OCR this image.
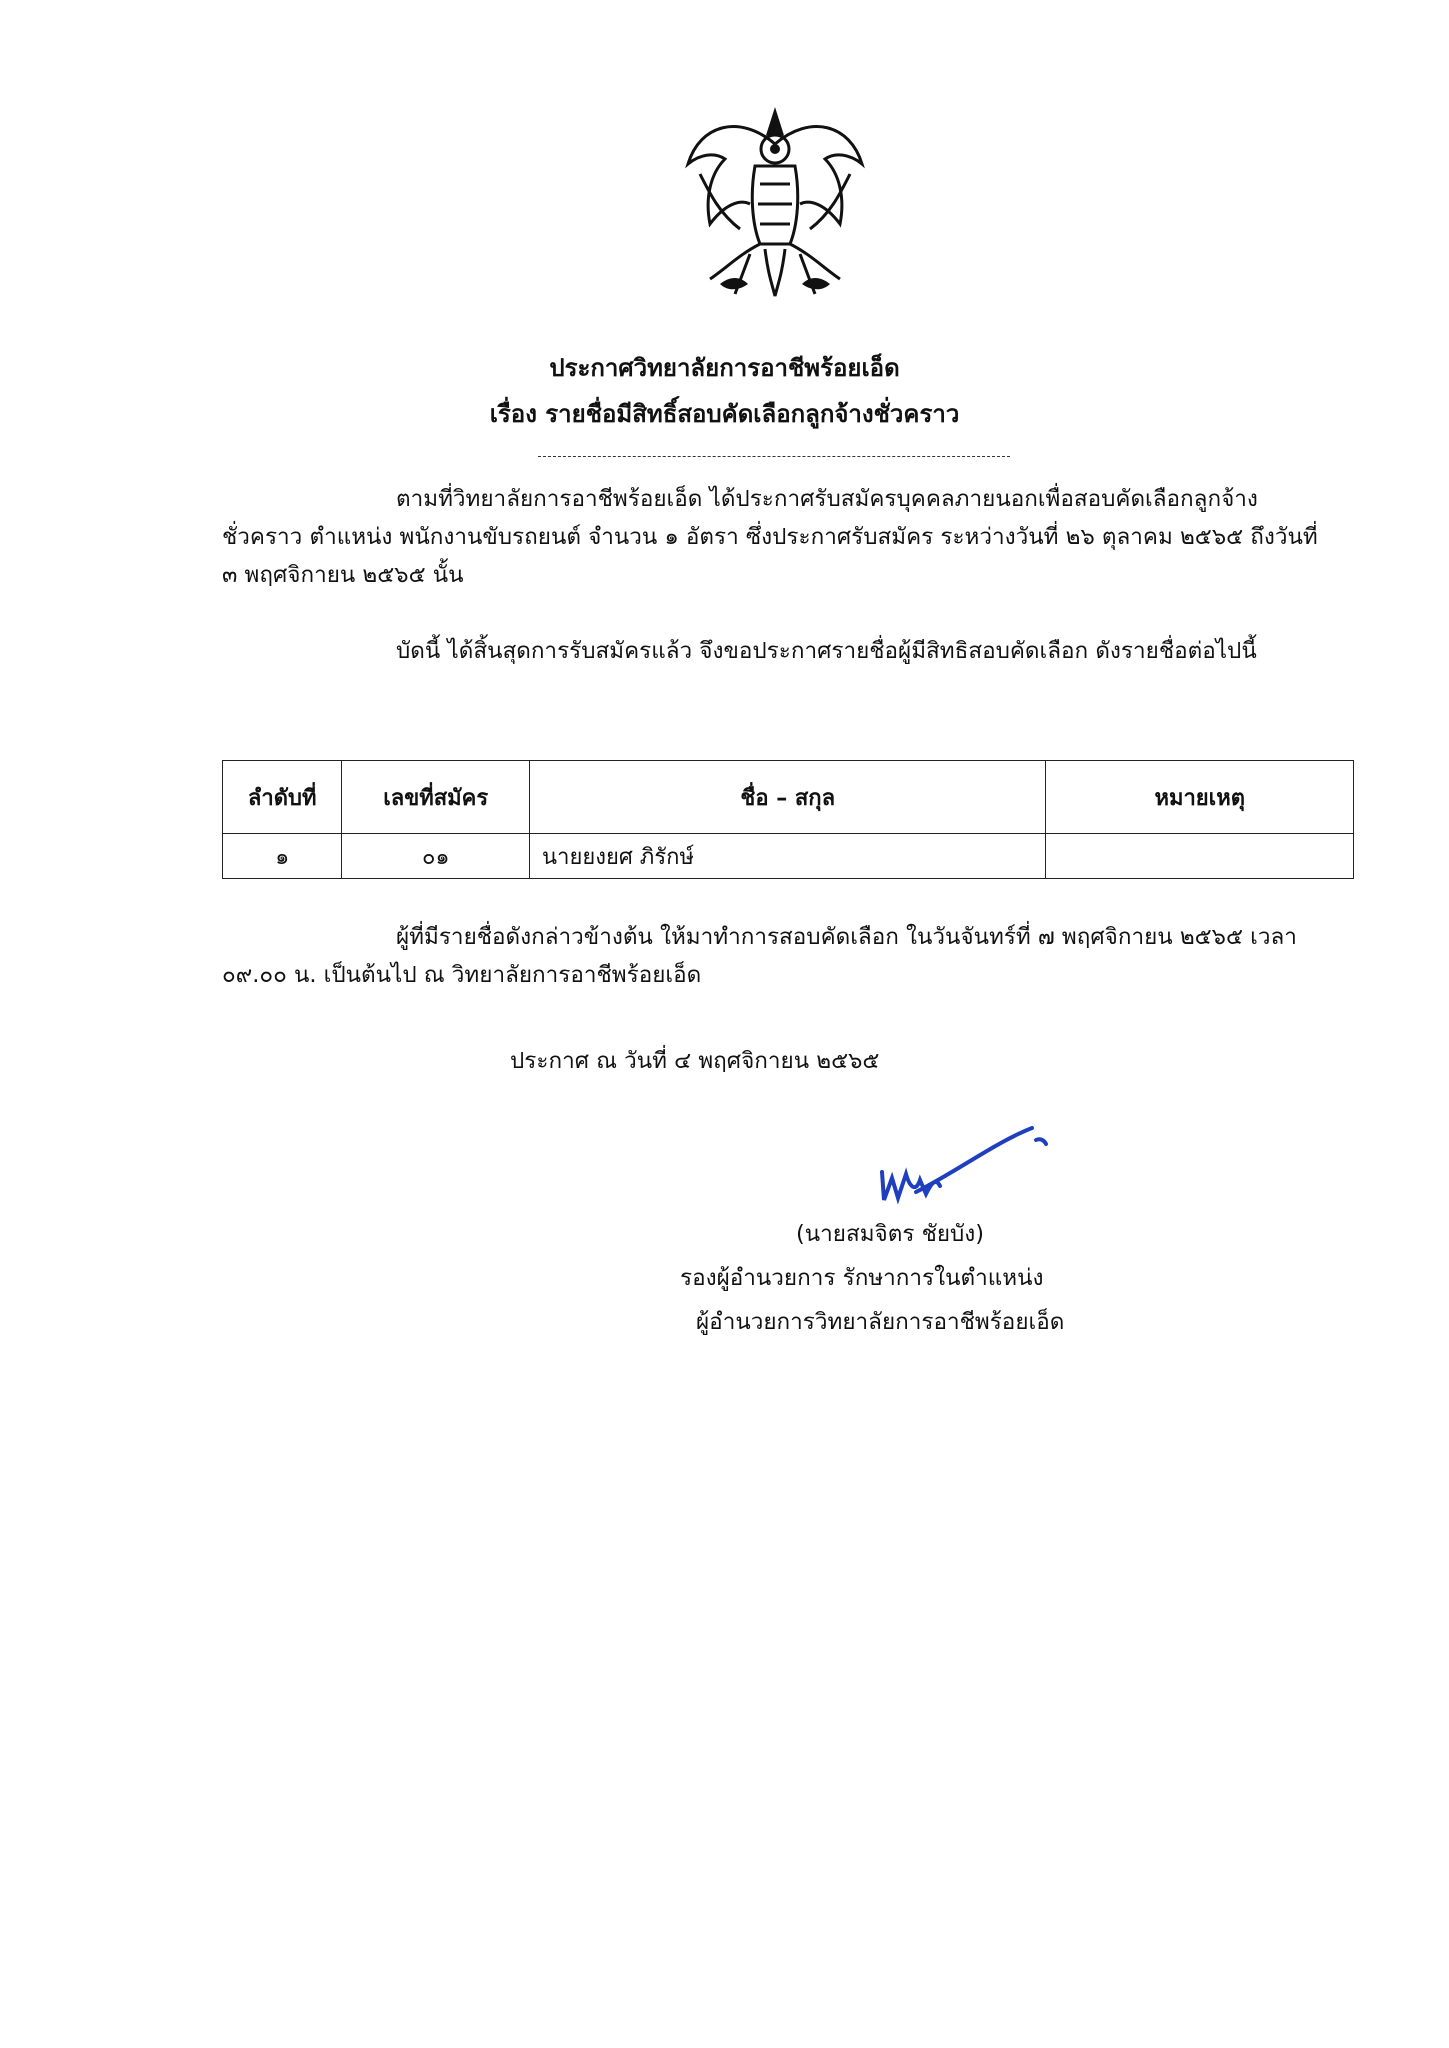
ประกาศวิทยาลัยการอาชีพร้อยเอ็ด
เรื่อง รายชื่อมีสิทธิ์สอบคัดเลือกลูกจ้างชั่วคราว
ตามที่วิทยาลัยการอาชีพร้อยเอ็ด ได้ประกาศรับสมัครบุคคลภายนอกเพื่อสอบคัดเลือกลูกจ้างชั่วคราว ตำแหน่ง พนักงานขับรถยนต์ จำนวน ๑ อัตรา ซึ่งประกาศรับสมัคร ระหว่างวันที่ ๒๖ ตุลาคม ๒๕๖๕ ถึงวันที่ ๓ พฤศจิกายน ๒๕๖๕ นั้น
บัดนี้ ได้สิ้นสุดการรับสมัครแล้ว จึงขอประกาศรายชื่อผู้มีสิทธิสอบคัดเลือก ดังรายชื่อต่อไปนี้
ลำดับที่	เลขที่สมัคร	ชื่อ – สกุล	หมายเหตุ
๑	๐๑	นายยงยศ ภิรักษ์	
ผู้ที่มีรายชื่อดังกล่าวข้างต้น ให้มาทำการสอบคัดเลือก ในวันจันทร์ที่ ๗ พฤศจิกายน ๒๕๖๕ เวลา ๐๙.๐๐ น. เป็นต้นไป ณ วิทยาลัยการอาชีพร้อยเอ็ด
ประกาศ ณ วันที่ ๔ พฤศจิกายน ๒๕๖๕
(นายสมจิตร ชัยบัง)
รองผู้อำนวยการ รักษาการในตำแหน่ง
ผู้อำนวยการวิทยาลัยการอาชีพร้อยเอ็ด
